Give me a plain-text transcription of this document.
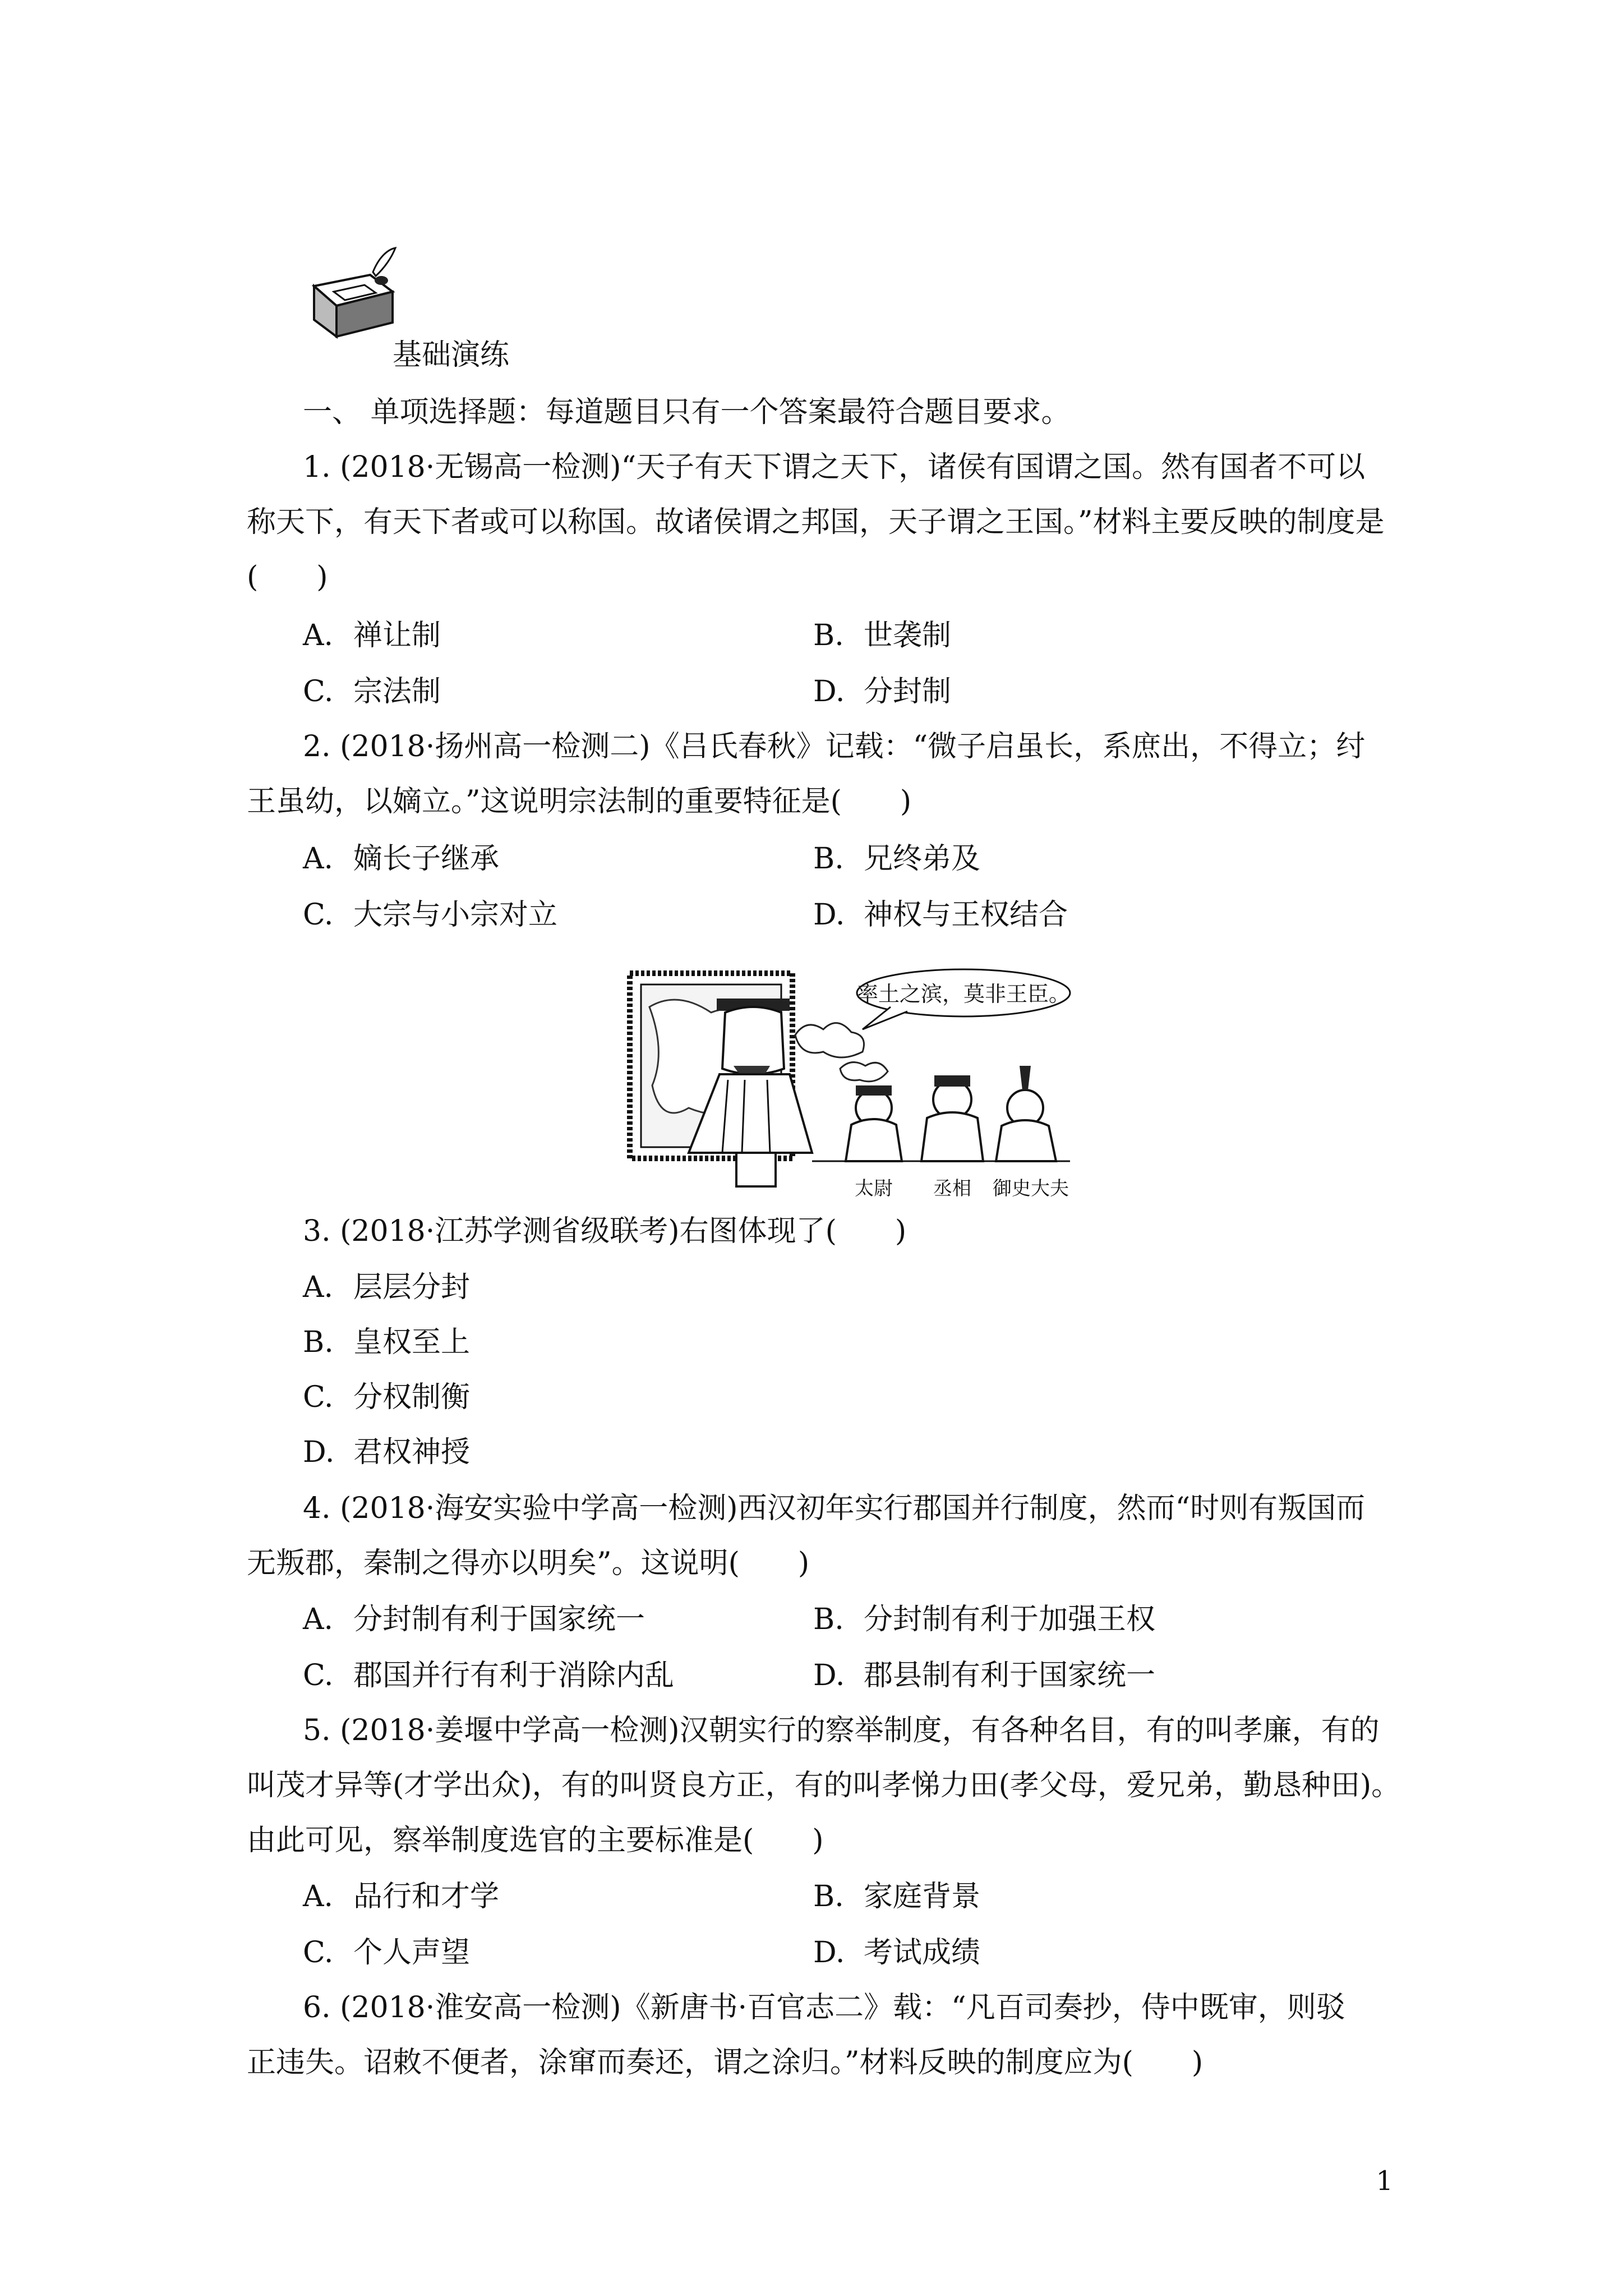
基础演练
一、 单项选择题：每道题目只有一个答案最符合题目要求。
1. (2018·无锡高一检测)“天子有天下谓之天下，诸侯有国谓之国。然有国者不可以
称天下，有天下者或可以称国。故诸侯谓之邦国，天子谓之王国。”材料主要反映的制度是
(　　)
A. 禅让制	B. 世袭制
C. 宗法制	D. 分封制
2. (2018·扬州高一检测二)《吕氏春秋》记载：“微子启虽长，系庶出，不得立；纣
王虽幼，以嫡立。”这说明宗法制的重要特征是(　　)
A. 嫡长子继承	B. 兄终弟及
C. 大宗与小宗对立	D. 神权与王权结合
率土之滨，莫非王臣。
太尉 丞相 御史大夫
3. (2018·江苏学测省级联考)右图体现了(　　)
A. 层层分封
B. 皇权至上
C. 分权制衡
D. 君权神授
4. (2018·海安实验中学高一检测)西汉初年实行郡国并行制度，然而“时则有叛国而
无叛郡，秦制之得亦以明矣”。这说明(　　)
A. 分封制有利于国家统一	B. 分封制有利于加强王权
C. 郡国并行有利于消除内乱	D. 郡县制有利于国家统一
5. (2018·姜堰中学高一检测)汉朝实行的察举制度，有各种名目，有的叫孝廉，有的
叫茂才异等(才学出众)，有的叫贤良方正，有的叫孝悌力田(孝父母，爱兄弟，勤恳种田)。
由此可见，察举制度选官的主要标准是(　　)
A. 品行和才学	B. 家庭背景
C. 个人声望	D. 考试成绩
6. (2018·淮安高一检测)《新唐书·百官志二》载：“凡百司奏抄，侍中既审，则驳
正违失。诏敕不便者，涂窜而奏还，谓之涂归。”材料反映的制度应为(　　)
1
